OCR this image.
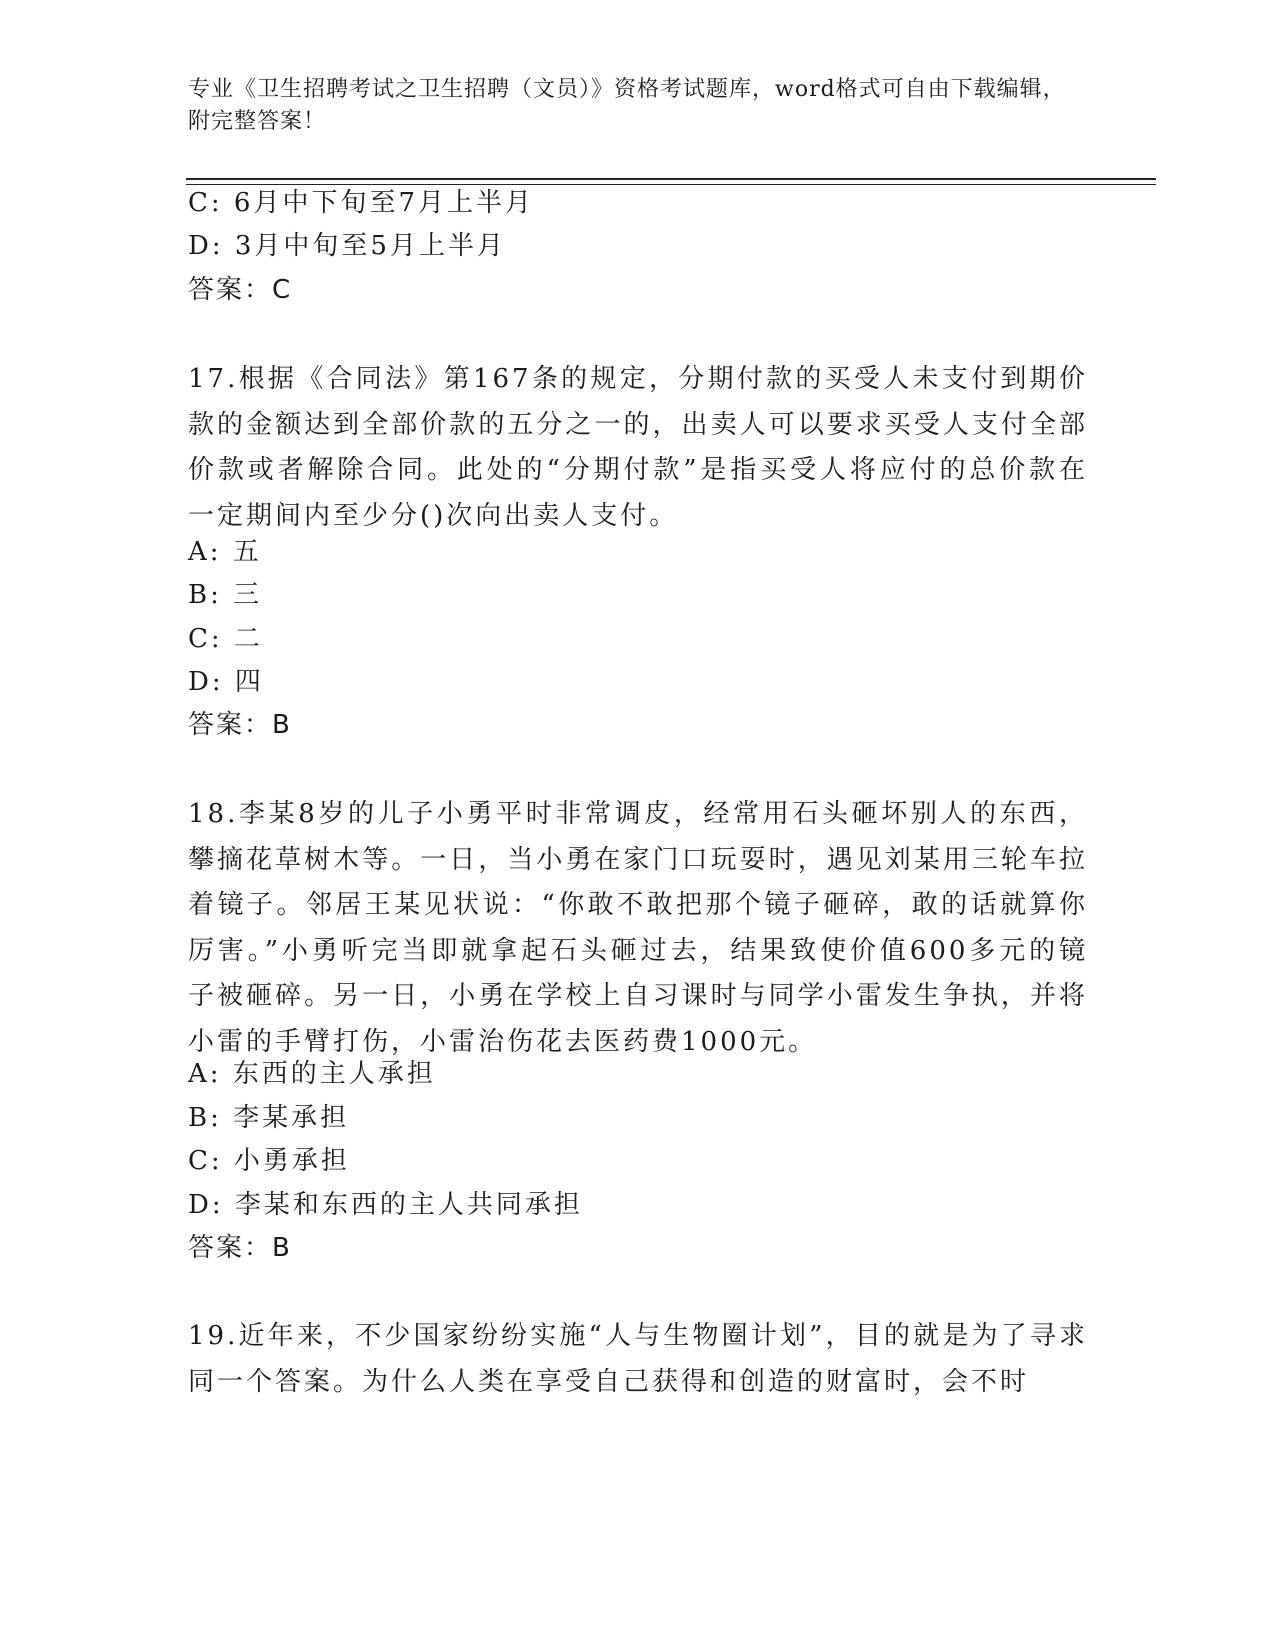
专业《卫生招聘考试之卫生招聘（文员）》资格考试题库，word格式可自由下载编辑，附完整答案！
C: 6月中下旬至7月上半月
D: 3月中旬至5月上半月
答案：C
17.根据《合同法》第167条的规定，分期付款的买受人未支付到期价款的金额达到全部价款的五分之一的，出卖人可以要求买受人支付全部价款或者解除合同。此处的“分期付款”是指买受人将应付的总价款在一定期间内至少分()次向出卖人支付。
A: 五
B: 三
C: 二
D: 四
答案：B
18.李某8岁的儿子小勇平时非常调皮，经常用石头砸坏别人的东西，攀摘花草树木等。一日，当小勇在家门口玩耍时，遇见刘某用三轮车拉着镜子。邻居王某见状说：“你敢不敢把那个镜子砸碎，敢的话就算你厉害。”小勇听完当即就拿起石头砸过去，结果致使价值600多元的镜子被砸碎。另一日，小勇在学校上自习课时与同学小雷发生争执，并将小雷的手臂打伤，小雷治伤花去医药费1000元。
A: 东西的主人承担
B: 李某承担
C: 小勇承担
D: 李某和东西的主人共同承担
答案：B
19.近年来，不少国家纷纷实施“人与生物圈计划”，目的就是为了寻求同一个答案。为什么人类在享受自己获得和创造的财富时，会不时
